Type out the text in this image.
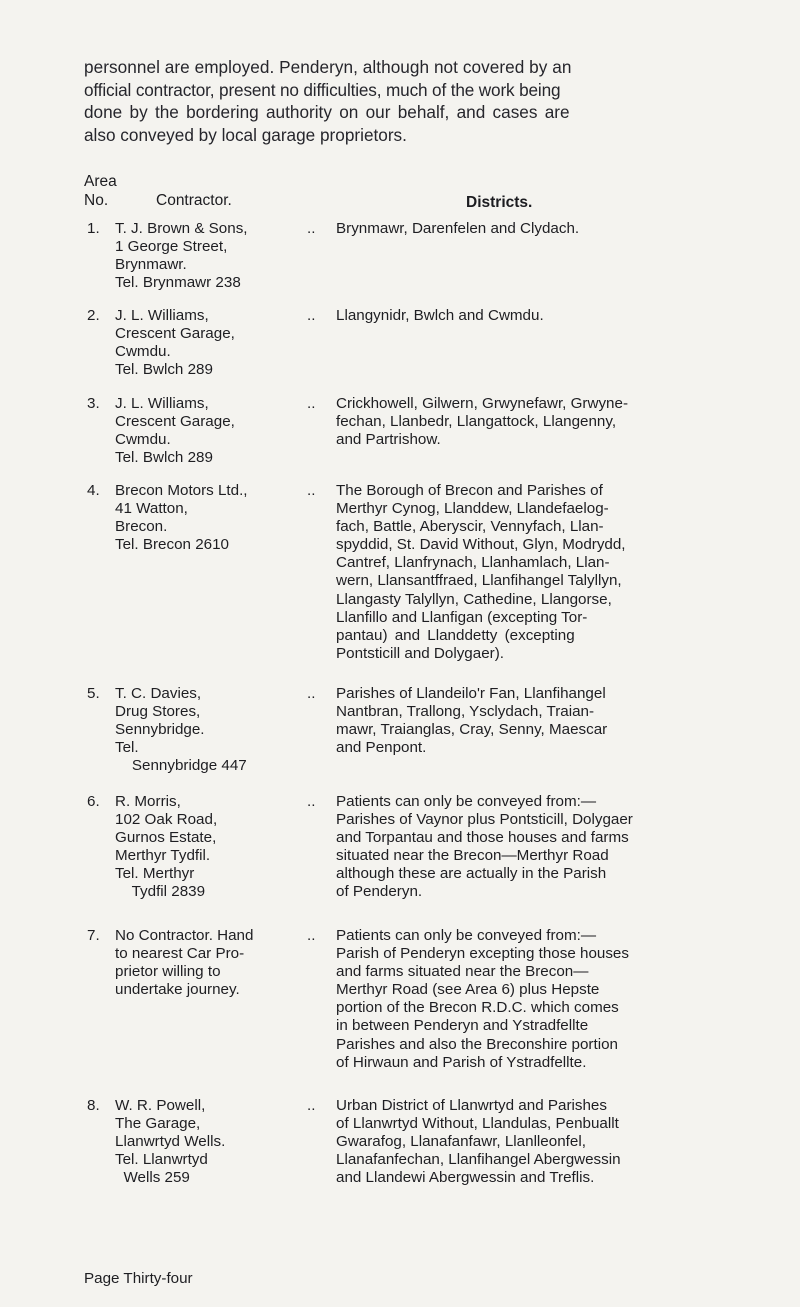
personnel are employed. Penderyn, although not covered by an

official contractor, present no difficulties, much of the work being

done by the bordering authority on our behalf, and cases are

also conveyed by local garage proprietors.

Area
No.	Contractor.	Districts.
1. T. J. Brown & Sons,
1 George Street,
Brynmawr.
Tel. Brynmawr 238
.. Brynmawr, Darenfelen and Clydach.
2. J. L. Williams,
Crescent Garage,
Cwmdu.
Tel. Bwlch 289
.. Llangynidr, Bwlch and Cwmdu.
3. J. L. Williams,
Crescent Garage,
Cwmdu.
Tel. Bwlch 289
.. Crickhowell, Gilwern, Grwynefawr, Grwyne-
fechan, Llanbedr, Llangattock, Llangenny,
and Partrishow.
4. Brecon Motors Ltd.,
41 Watton,
Brecon.
Tel. Brecon 2610
.. The Borough of Brecon and Parishes of
Merthyr Cynog, Llanddew, Llandefaelog-
fach, Battle, Aberyscir, Vennyfach, Llan-
spyddid, St. David Without, Glyn, Modrydd,
Cantref, Llanfrynach, Llanhamlach, Llan-
wern, Llansantffraed, Llanfihangel Talyllyn,
Llangasty Talyllyn, Cathedine, Llangorse,
Llanfillo and Llanfigan (excepting Tor-
pantau) and Llanddetty (excepting
Pontsticill and Dolygaer).
5. T. C. Davies,
Drug Stores,
Sennybridge.
Tel.
Sennybridge 447
.. Parishes of Llandeilo'r Fan, Llanfihangel
Nantbran, Trallong, Ysclydach, Traian-
mawr, Traianglas, Cray, Senny, Maescar
and Penpont.
6. R. Morris,
102 Oak Road,
Gurnos Estate,
Merthyr Tydfil.
Tel. Merthyr
Tydfil 2839
.. Patients can only be conveyed from:—
Parishes of Vaynor plus Pontsticill, Dolygaer
and Torpantau and those houses and farms
situated near the Brecon—Merthyr Road
although these are actually in the Parish
of Penderyn.
7. No Contractor. Hand
to nearest Car Pro-
prietor willing to
undertake journey.
.. Patients can only be conveyed from:—
Parish of Penderyn excepting those houses
and farms situated near the Brecon—
Merthyr Road (see Area 6) plus Hepste
portion of the Brecon R.D.C. which comes
in between Penderyn and Ystradfellte
Parishes and also the Breconshire portion
of Hirwaun and Parish of Ystradfellte.
8. W. R. Powell,
The Garage,
Llanwrtyd Wells.
Tel. Llanwrtyd
Wells 259
.. Urban District of Llanwrtyd and Parishes
of Llanwrtyd Without, Llandulas, Penbuallt
Gwarafog, Llanafanfawr, Llanlleonfel,
Llanafanfechan, Llanfihangel Abergwessin
and Llandewi Abergwessin and Treflis.
Page Thirty-four
